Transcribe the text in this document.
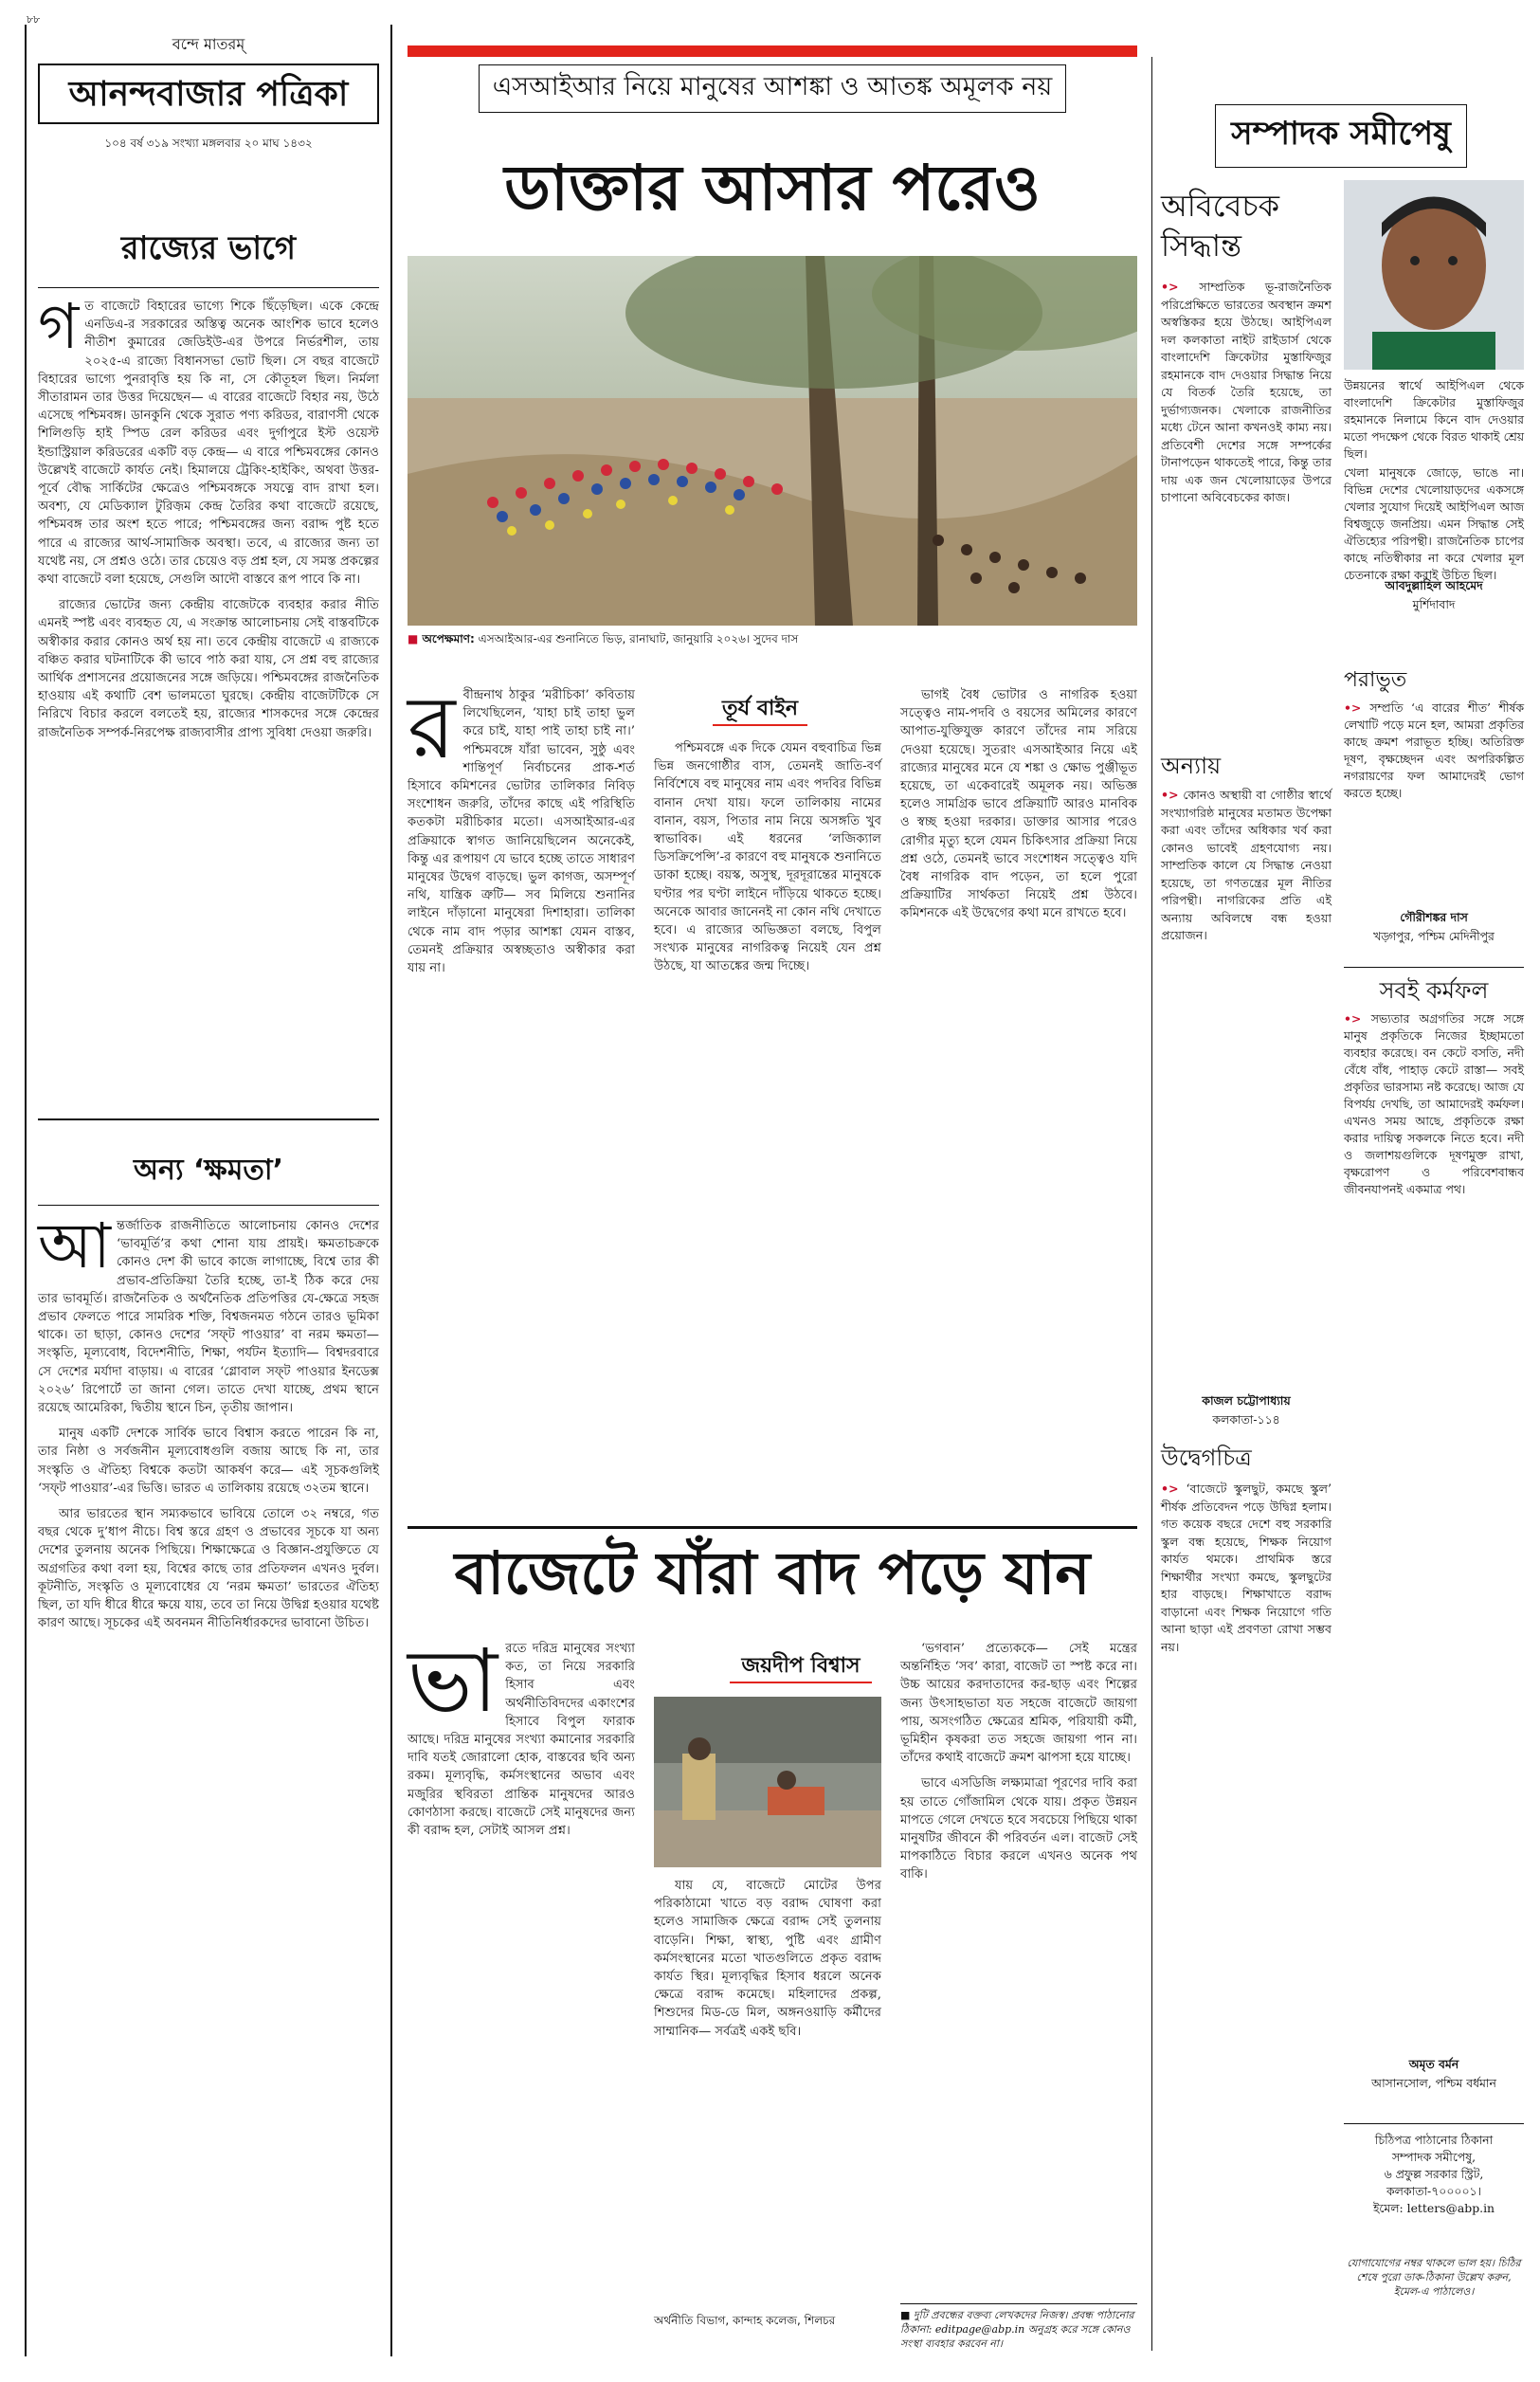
৮৮
বন্দে মাতরম্‌
আনন্দবাজার পত্রিকা
১০৪ বর্ষ ৩১৯ সংখ্যা মঙ্গলবার ২০ মাঘ ১৪৩২
রাজ্যের ভাগে

গত বাজেটে বিহারের ভাগ্যে শিকে ছিঁড়েছিল। একে কেন্দ্রে এনডিএ-র সরকারের অস্তিত্ব অনেক আংশিক ভাবে হলেও নীতীশ কুমারের জেডিইউ-এর উপরে নির্ভরশীল, তায় ২০২৫-এ রাজ্যে বিধানসভা ভোট ছিল। সে বছর বাজেটে বিহারের ভাগ্যে পুনরাবৃত্তি হয় কি না, সে কৌতূহল ছিল। নির্মলা সীতারামন তার উত্তর দিয়েছেন— এ বারের বাজেটে বিহার নয়, উঠে এসেছে পশ্চিমবঙ্গ। ডানকুনি থেকে সুরাত পণ্য করিডর, বারাণসী থেকে শিলিগুড়ি হাই স্পিড রেল করিডর এবং দুর্গাপুরে ইস্ট ওয়েস্ট ইন্ডাস্ট্রিয়াল করিডরের একটি বড় কেন্দ্র— এ বারে পশ্চিমবঙ্গের কোনও উল্লেখই বাজেটে কার্যত নেই। হিমালয়ে ট্রেকিং-হাইকিং, অথবা উত্তর-পূর্বে বৌদ্ধ সার্কিটের ক্ষেত্রেও পশ্চিমবঙ্গকে সযত্নে বাদ রাখা হল। অবশ্য, যে মেডিক্যাল টুরিজ়ম কেন্দ্র তৈরির কথা বাজেটে রয়েছে, পশ্চিমবঙ্গ তার অংশ হতে পারে; পশ্চিমবঙ্গের জন্য বরাদ্দ পুষ্ট হতে পারে এ রাজ্যের আর্থ-সামাজিক অবস্থা। তবে, এ রাজ্যের জন্য তা যথেষ্ট নয়, সে প্রশ্নও ওঠে। তার চেয়েও বড় প্রশ্ন হল, যে সমস্ত প্রকল্পের কথা বাজেটে বলা হয়েছে, সেগুলি আদৌ বাস্তবে রূপ পাবে কি না।

রাজ্যের ভোটের জন্য কেন্দ্রীয় বাজেটকে ব্যবহার করার নীতি এমনই স্পষ্ট এবং ব্যবহৃত যে, এ সংক্রান্ত আলোচনায় সেই বাস্তবটিকে অস্বীকার করার কোনও অর্থ হয় না। তবে কেন্দ্রীয় বাজেটে এ রাজ্যকে বঞ্চিত করার ঘটনাটিকে কী ভাবে পাঠ করা যায়, সে প্রশ্ন বহু রাজ্যের আর্থিক প্রশাসনের প্রয়োজনের সঙ্গে জড়িয়ে। পশ্চিমবঙ্গের রাজনৈতিক হাওয়ায় এই কথাটি বেশ ভালমতো ঘুরছে। কেন্দ্রীয় বাজেটটিকে সে নিরিখে বিচার করলে বলতেই হয়, রাজ্যের শাসকদের সঙ্গে কেন্দ্রের রাজনৈতিক সম্পর্ক-নিরপেক্ষ রাজ্যবাসীর প্রাপ্য সুবিধা দেওয়া জরুরি।

অন্য ‘ক্ষমতা’

আন্তর্জাতিক রাজনীতিতে আলোচনায় কোনও দেশের ‘ভাবমূর্তি’র কথা শোনা যায় প্রায়ই। ক্ষমতাচক্রকে কোনও দেশ কী ভাবে কাজে লাগাচ্ছে, বিশ্বে তার কী প্রভাব-প্রতিক্রিয়া তৈরি হচ্ছে, তা-ই ঠিক করে দেয় তার ভাবমূর্তি। রাজনৈতিক ও অর্থনৈতিক প্রতিপত্তির যে-ক্ষেত্রে সহজ প্রভাব ফেলতে পারে সামরিক শক্তি, বিশ্বজনমত গঠনে তারও ভূমিকা থাকে। তা ছাড়া, কোনও দেশের ‘সফ্‌ট পাওয়ার’ বা নরম ক্ষমতা— সংস্কৃতি, মূল্যবোধ, বিদেশনীতি, শিক্ষা, পর্যটন ইত্যাদি— বিশ্বদরবারে সে দেশের মর্যাদা বাড়ায়। এ বারের ‘গ্লোবাল সফ্‌ট পাওয়ার ইনডেক্স ২০২৬’ রিপোর্টে তা জানা গেল। তাতে দেখা যাচ্ছে, প্রথম স্থানে রয়েছে আমেরিকা, দ্বিতীয় স্থানে চিন, তৃতীয় জাপান।

মানুষ একটি দেশকে সার্বিক ভাবে বিশ্বাস করতে পারেন কি না, তার নিষ্ঠা ও সর্বজনীন মূল্যবোধগুলি বজায় আছে কি না, তার সংস্কৃতি ও ঐতিহ্য বিশ্বকে কতটা আকর্ষণ করে— এই সূচকগুলিই ‘সফ্‌ট পাওয়ার’-এর ভিত্তি। ভারত এ তালিকায় রয়েছে ৩২তম স্থানে।

আর ভারতের স্থান সম্যকভাবে ভাবিয়ে তোলে ৩২ নম্বরে, গত বছর থেকে দু’ধাপ নীচে। বিশ্ব স্তরে গ্রহণ ও প্রভাবের সূচকে যা অন্য দেশের তুলনায় অনেক পিছিয়ে। শিক্ষাক্ষেত্রে ও বিজ্ঞান-প্রযুক্তিতে যে অগ্রগতির কথা বলা হয়, বিশ্বের কাছে তার প্রতিফলন এখনও দুর্বল। কূটনীতি, সংস্কৃতি ও মূল্যবোধের যে ‘নরম ক্ষমতা’ ভারতের ঐতিহ্য ছিল, তা যদি ধীরে ধীরে ক্ষয়ে যায়, তবে তা নিয়ে উদ্বিগ্ন হওয়ার যথেষ্ট কারণ আছে। সূচকের এই অবনমন নীতিনির্ধারকদের ভাবানো উচিত।

এসআইআর নিয়ে মানুষের আশঙ্কা ও আতঙ্ক অমূলক নয়
ডাক্তার আসার পরেও
■ অপেক্ষমাণ: এসআইআর-এর শুনানিতে ভিড়, রানাঘাট, জানুয়ারি ২০২৬। সুদেব দাস
তূর্য বাইন

রবীন্দ্রনাথ ঠাকুর ‘মরীচিকা’ কবিতায় লিখেছিলেন, ‘যাহা চাই তাহা ভুল করে চাই, যাহা পাই তাহা চাই না।’ পশ্চিমবঙ্গে যাঁরা ভাবেন, সুষ্ঠু এবং শান্তিপূর্ণ নির্বাচনের প্রাক-শর্ত হিসাবে কমিশনের ভোটার তালিকার নিবিড় সংশোধন জরুরি, তাঁদের কাছে এই পরিস্থিতি কতকটা মরীচিকার মতো। এসআইআর-এর প্রক্রিয়াকে স্বাগত জানিয়েছিলেন অনেকেই, কিন্তু এর রূপায়ণ যে ভাবে হচ্ছে তাতে সাধারণ মানুষের উদ্বেগ বাড়ছে। ভুল কাগজ, অসম্পূর্ণ নথি, যান্ত্রিক ত্রুটি— সব মিলিয়ে শুনানির লাইনে দাঁড়ানো মানুষেরা দিশাহারা। তালিকা থেকে নাম বাদ পড়ার আশঙ্কা যেমন বাস্তব, তেমনই প্রক্রিয়ার অস্বচ্ছতাও অস্বীকার করা যায় না।

পশ্চিমবঙ্গে এক দিকে যেমন বহুবাচিত্র ভিন্ন ভিন্ন জনগোষ্ঠীর বাস, তেমনই জাতি-বর্ণ নির্বিশেষে বহু মানুষের নাম এবং পদবির বিভিন্ন বানান দেখা যায়। ফলে তালিকায় নামের বানান, বয়স, পিতার নাম নিয়ে অসঙ্গতি খুব স্বাভাবিক। এই ধরনের ‘লজিক্যাল ডিসক্রিপেন্সি’-র কারণে বহু মানুষকে শুনানিতে ডাকা হচ্ছে। বয়স্ক, অসুস্থ, দূরদূরান্তের মানুষকে ঘণ্টার পর ঘণ্টা লাইনে দাঁড়িয়ে থাকতে হচ্ছে। অনেকে আবার জানেনই না কোন নথি দেখাতে হবে। এ রাজ্যের অভিজ্ঞতা বলছে, বিপুল সংখ্যক মানুষের নাগরিকত্ব নিয়েই যেন প্রশ্ন উঠছে, যা আতঙ্কের জন্ম দিচ্ছে।

ভাগই বৈধ ভোটার ও নাগরিক হওয়া সত্ত্বেও নাম-পদবি ও বয়সের অমিলের কারণে আপাত-যুক্তিযুক্ত কারণে তাঁদের নাম সরিয়ে দেওয়া হয়েছে। সুতরাং এসআইআর নিয়ে এই রাজ্যের মানুষের মনে যে শঙ্কা ও ক্ষোভ পুঞ্জীভূত হয়েছে, তা একেবারেই অমূলক নয়। অভিজ্ঞ হলেও সামগ্রিক ভাবে প্রক্রিয়াটি আরও মানবিক ও স্বচ্ছ হওয়া দরকার। ডাক্তার আসার পরেও রোগীর মৃত্যু হলে যেমন চিকিৎসার প্রক্রিয়া নিয়ে প্রশ্ন ওঠে, তেমনই ভাবে সংশোধন সত্ত্বেও যদি বৈধ নাগরিক বাদ পড়েন, তা হলে পুরো প্রক্রিয়াটির সার্থকতা নিয়েই প্রশ্ন উঠবে। কমিশনকে এই উদ্বেগের কথা মনে রাখতে হবে।

বাজেটে যাঁরা বাদ পড়ে যান
জয়দীপ বিশ্বাস

ভারতে দরিদ্র মানুষের সংখ্যা কত, তা নিয়ে সরকারি হিসাব এবং অর্থনীতিবিদদের একাংশের হিসাবে বিপুল ফারাক আছে। দরিদ্র মানুষের সংখ্যা কমানোর সরকারি দাবি যতই জোরালো হোক, বাস্তবের ছবি অন্য রকম। মূল্যবৃদ্ধি, কর্মসংস্থানের অভাব এবং মজুরির স্থবিরতা প্রান্তিক মানুষদের আরও কোণঠাসা করছে। বাজেটে সেই মানুষদের জন্য কী বরাদ্দ হল, সেটাই আসল প্রশ্ন।

যায় যে, বাজেটে মোটের উপর পরিকাঠামো খাতে বড় বরাদ্দ ঘোষণা করা হলেও সামাজিক ক্ষেত্রে বরাদ্দ সেই তুলনায় বাড়েনি। শিক্ষা, স্বাস্থ্য, পুষ্টি এবং গ্রামীণ কর্মসংস্থানের মতো খাতগুলিতে প্রকৃত বরাদ্দ কার্যত স্থির। মূল্যবৃদ্ধির হিসাব ধরলে অনেক ক্ষেত্রে বরাদ্দ কমেছে। মহিলাদের প্রকল্প, শিশুদের মিড-ডে মিল, অঙ্গনওয়াড়ি কর্মীদের সাম্মানিক— সর্বত্রই একই ছবি।

‘ভগবান’ প্রত্যেককে— সেই মন্ত্রের অন্তর্নিহিত ‘সব’ কারা, বাজেট তা স্পষ্ট করে না। উচ্চ আয়ের করদাতাদের কর-ছাড় এবং শিল্পের জন্য উৎসাহভাতা যত সহজে বাজেটে জায়গা পায়, অসংগঠিত ক্ষেত্রের শ্রমিক, পরিযায়ী কর্মী, ভূমিহীন কৃষকরা তত সহজে জায়গা পান না। তাঁদের কথাই বাজেটে ক্রমশ ঝাপসা হয়ে যাচ্ছে।

ভাবে এসডিজি লক্ষ্যমাত্রা পূরণের দাবি করা হয় তাতে গোঁজামিল থেকে যায়। প্রকৃত উন্নয়ন মাপতে গেলে দেখতে হবে সবচেয়ে পিছিয়ে থাকা মানুষটির জীবনে কী পরিবর্তন এল। বাজেট সেই মাপকাঠিতে বিচার করলে এখনও অনেক পথ বাকি।

অর্থনীতি বিভাগ, কান্দাহ কলেজ, শিলচর	■ দুটি প্রবন্ধের বক্তব্য লেখকদের নিজস্ব। প্রবন্ধ পাঠানোর ঠিকানা: editpage@abp.in অনুগ্রহ করে সঙ্গে কোনও সংস্থা ব্যবহার করবেন না।
সম্পাদক সমীপেষু
অবিবেচক সিদ্ধান্ত

•> সাম্প্রতিক ভূ-রাজনৈতিক পরিপ্রেক্ষিতে ভারতের অবস্থান ক্রমশ অস্বস্তিকর হয়ে উঠছে। আইপিএল দল কলকাতা নাইট রাইডার্স থেকে বাংলাদেশি ক্রিকেটার মুস্তাফিজুর রহমানকে বাদ দেওয়ার সিদ্ধান্ত নিয়ে যে বিতর্ক তৈরি হয়েছে, তা দুর্ভাগ্যজনক। খেলাকে রাজনীতির মধ্যে টেনে আনা কখনওই কাম্য নয়। প্রতিবেশী দেশের সঙ্গে সম্পর্কের টানাপড়েন থাকতেই পারে, কিন্তু তার দায় এক জন খেলোয়াড়ের উপরে চাপানো অবিবেচকের কাজ।

উন্নয়নের স্বার্থে আইপিএল থেকে বাংলাদেশি ক্রিকেটার মুস্তাফিজুর রহমানকে নিলামে কিনে বাদ দেওয়ার মতো পদক্ষেপ থেকে বিরত থাকাই শ্রেয় ছিল।
খেলা মানুষকে জোড়ে, ভাঙে না। বিভিন্ন দেশের খেলোয়াড়দের একসঙ্গে খেলার সুযোগ দিয়েই আইপিএল আজ বিশ্বজুড়ে জনপ্রিয়। এমন সিদ্ধান্ত সেই ঐতিহ্যের পরিপন্থী। রাজনৈতিক চাপের কাছে নতিস্বীকার না করে খেলার মূল চেতনাকে রক্ষা করাই উচিত ছিল।
আবদুল্লাহিল আহমেদ
মুর্শিদাবাদ
অন্যায়

•> কোনও অস্থায়ী বা গোষ্ঠীর স্বার্থে সংখ্যাগরিষ্ঠ মানুষের মতামত উপেক্ষা করা এবং তাঁদের অধিকার খর্ব করা কোনও ভাবেই গ্রহণযোগ্য নয়। সাম্প্রতিক কালে যে সিদ্ধান্ত নেওয়া হয়েছে, তা গণতন্ত্রের মূল নীতির পরিপন্থী। নাগরিকের প্রতি এই অন্যায় অবিলম্বে বন্ধ হওয়া প্রয়োজন।

কাজল চট্টোপাধ্যায়
কলকাতা-১১৪
উদ্বেগচিত্র

•> ‘বাজেটে স্কুলছুট, কমছে স্কুল’ শীর্ষক প্রতিবেদন পড়ে উদ্বিগ্ন হলাম। গত কয়েক বছরে দেশে বহু সরকারি স্কুল বন্ধ হয়েছে, শিক্ষক নিয়োগ কার্যত থমকে। প্রাথমিক স্তরে শিক্ষার্থীর সংখ্যা কমছে, স্কুলছুটের হার বাড়ছে। শিক্ষাখাতে বরাদ্দ বাড়ানো এবং শিক্ষক নিয়োগে গতি আনা ছাড়া এই প্রবণতা রোখা সম্ভব নয়।

পরাভুত

•> সম্প্রতি ‘এ বারের শীত’ শীর্ষক লেখাটি পড়ে মনে হল, আমরা প্রকৃতির কাছে ক্রমশ পরাভূত হচ্ছি। অতিরিক্ত দূষণ, বৃক্ষচ্ছেদন এবং অপরিকল্পিত নগরায়ণের ফল আমাদেরই ভোগ করতে হচ্ছে।

গৌরীশঙ্কর দাস
খড়্গপুর, পশ্চিম মেদিনীপুর
সবই কর্মফল

•> সভ্যতার অগ্রগতির সঙ্গে সঙ্গে মানুষ প্রকৃতিকে নিজের ইচ্ছামতো ব্যবহার করেছে। বন কেটে বসতি, নদী বেঁধে বাঁধ, পাহাড় কেটে রাস্তা— সবই প্রকৃতির ভারসাম্য নষ্ট করেছে। আজ যে বিপর্যয় দেখছি, তা আমাদেরই কর্মফল। এখনও সময় আছে, প্রকৃতিকে রক্ষা করার দায়িত্ব সকলকে নিতে হবে। নদী ও জলাশয়গুলিকে দূষণমুক্ত রাখা, বৃক্ষরোপণ ও পরিবেশবান্ধব জীবনযাপনই একমাত্র পথ।

অমৃত বর্মন
আসানসোল, পশ্চিম বর্ধমান
চিঠিপত্র পাঠানোর ঠিকানা
সম্পাদক সমীপেষু,
৬ প্রফুল্ল সরকার স্ট্রিট,
কলকাতা-৭০০০০১।
ইমেল: letters@abp.in
যোগাযোগের নম্বর থাকলে ভাল হয়। চিঠির শেষে পুরো ডাক-ঠিকানা উল্লেখ করুন, ইমেল-এ পাঠালেও।
